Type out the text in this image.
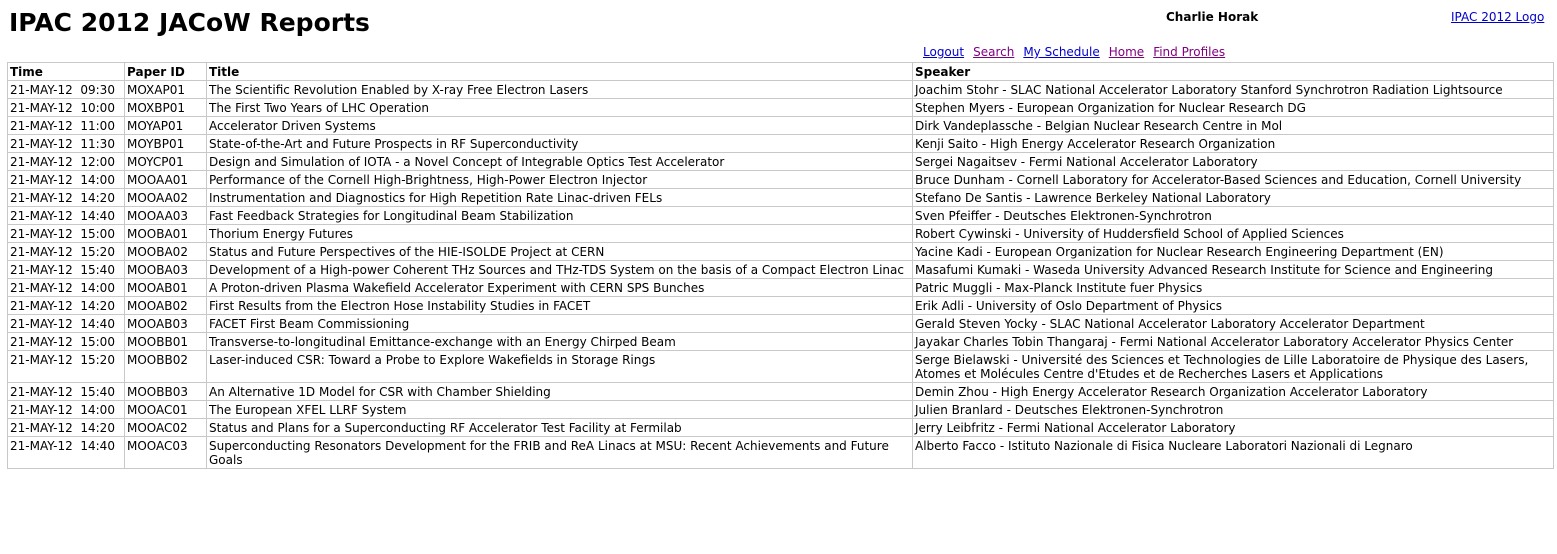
IPAC 2012 JACoW Reports	Charlie Horak	IPAC 2012 Logo
Logout Search My Schedule Home Find Profiles
Time	Paper ID	Title	Speaker
21-MAY-12  09:30	MOXAP01	The Scientific Revolution Enabled by X-ray Free Electron Lasers	Joachim Stohr - SLAC National Accelerator Laboratory Stanford Synchrotron Radiation Lightsource
21-MAY-12  10:00	MOXBP01	The First Two Years of LHC Operation	Stephen Myers - European Organization for Nuclear Research DG
21-MAY-12  11:00	MOYAP01	Accelerator Driven Systems	Dirk Vandeplassche - Belgian Nuclear Research Centre in Mol
21-MAY-12  11:30	MOYBP01	State-of-the-Art and Future Prospects in RF Superconductivity	Kenji Saito - High Energy Accelerator Research Organization
21-MAY-12  12:00	MOYCP01	Design and Simulation of IOTA - a Novel Concept of Integrable Optics Test Accelerator	Sergei Nagaitsev - Fermi National Accelerator Laboratory
21-MAY-12  14:00	MOOAA01	Performance of the Cornell High-Brightness, High-Power Electron Injector	Bruce Dunham - Cornell Laboratory for Accelerator-Based Sciences and Education, Cornell University
21-MAY-12  14:20	MOOAA02	Instrumentation and Diagnostics for High Repetition Rate Linac-driven FELs	Stefano De Santis - Lawrence Berkeley National Laboratory
21-MAY-12  14:40	MOOAA03	Fast Feedback Strategies for Longitudinal Beam Stabilization	Sven Pfeiffer - Deutsches Elektronen-Synchrotron
21-MAY-12  15:00	MOOBA01	Thorium Energy Futures	Robert Cywinski - University of Huddersfield School of Applied Sciences
21-MAY-12  15:20	MOOBA02	Status and Future Perspectives of the HIE-ISOLDE Project at CERN	Yacine Kadi - European Organization for Nuclear Research Engineering Department (EN)
21-MAY-12  15:40	MOOBA03	Development of a High-power Coherent THz Sources and THz-TDS System on the basis of a Compact Electron Linac	Masafumi Kumaki - Waseda University Advanced Research Institute for Science and Engineering
21-MAY-12  14:00	MOOAB01	A Proton-driven Plasma Wakefield Accelerator Experiment with CERN SPS Bunches	Patric Muggli - Max-Planck Institute fuer Physics
21-MAY-12  14:20	MOOAB02	First Results from the Electron Hose Instability Studies in FACET	Erik Adli - University of Oslo Department of Physics
21-MAY-12  14:40	MOOAB03	FACET First Beam Commissioning	Gerald Steven Yocky - SLAC National Accelerator Laboratory Accelerator Department
21-MAY-12  15:00	MOOBB01	Transverse-to-longitudinal Emittance-exchange with an Energy Chirped Beam	Jayakar Charles Tobin Thangaraj - Fermi National Accelerator Laboratory Accelerator Physics Center
21-MAY-12  15:20	MOOBB02	Laser-induced CSR: Toward a Probe to Explore Wakefields in Storage Rings	Serge Bielawski - Université des Sciences et Technologies de Lille Laboratoire de Physique des Lasers, Atomes et Molécules Centre d'Etudes et de Recherches Lasers et Applications
21-MAY-12  15:40	MOOBB03	An Alternative 1D Model for CSR with Chamber Shielding	Demin Zhou - High Energy Accelerator Research Organization Accelerator Laboratory
21-MAY-12  14:00	MOOAC01	The European XFEL LLRF System	Julien Branlard - Deutsches Elektronen-Synchrotron
21-MAY-12  14:20	MOOAC02	Status and Plans for a Superconducting RF Accelerator Test Facility at Fermilab	Jerry Leibfritz - Fermi National Accelerator Laboratory
21-MAY-12  14:40	MOOAC03	Superconducting Resonators Development for the FRIB and ReA Linacs at MSU: Recent Achievements and Future Goals	Alberto Facco - Istituto Nazionale di Fisica Nucleare Laboratori Nazionali di Legnaro
